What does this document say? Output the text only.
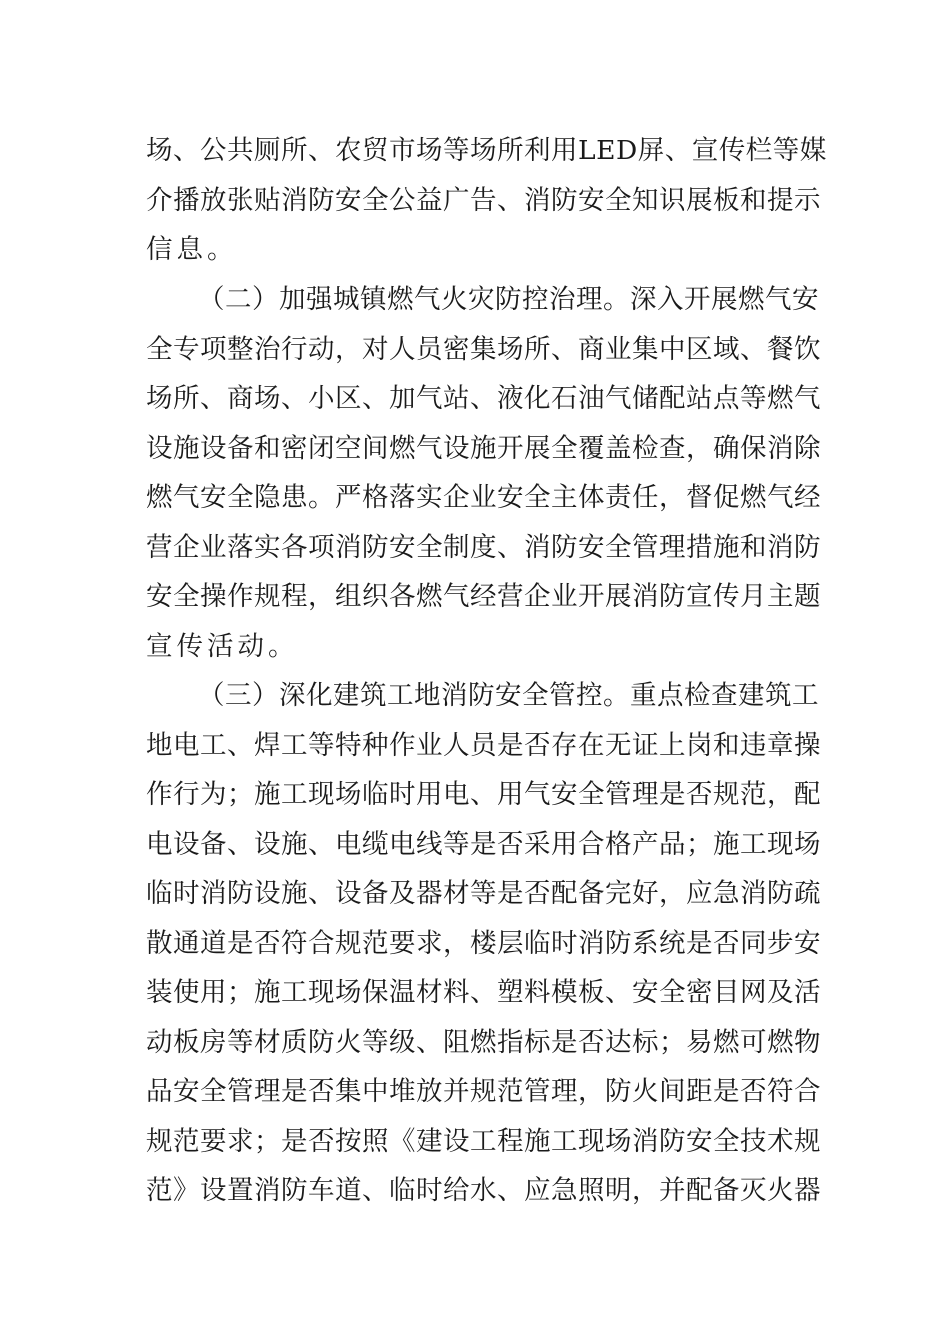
场、公共厕所、农贸市场等场所利用LED屏、宣传栏等媒
介播放张贴消防安全公益广告、消防安全知识展板和提示
信息。
（二）加强城镇燃气火灾防控治理。深入开展燃气安
全专项整治行动，对人员密集场所、商业集中区域、餐饮
场所、商场、小区、加气站、液化石油气储配站点等燃气
设施设备和密闭空间燃气设施开展全覆盖检查，确保消除
燃气安全隐患。严格落实企业安全主体责任，督促燃气经
营企业落实各项消防安全制度、消防安全管理措施和消防
安全操作规程，组织各燃气经营企业开展消防宣传月主题
宣传活动。
（三）深化建筑工地消防安全管控。重点检查建筑工
地电工、焊工等特种作业人员是否存在无证上岗和违章操
作行为；施工现场临时用电、用气安全管理是否规范，配
电设备、设施、电缆电线等是否采用合格产品；施工现场
临时消防设施、设备及器材等是否配备完好，应急消防疏
散通道是否符合规范要求，楼层临时消防系统是否同步安
装使用；施工现场保温材料、塑料模板、安全密目网及活
动板房等材质防火等级、阻燃指标是否达标；易燃可燃物
品安全管理是否集中堆放并规范管理，防火间距是否符合
规范要求；是否按照《建设工程施工现场消防安全技术规
范》设置消防车道、临时给水、应急照明，并配备灭火器
